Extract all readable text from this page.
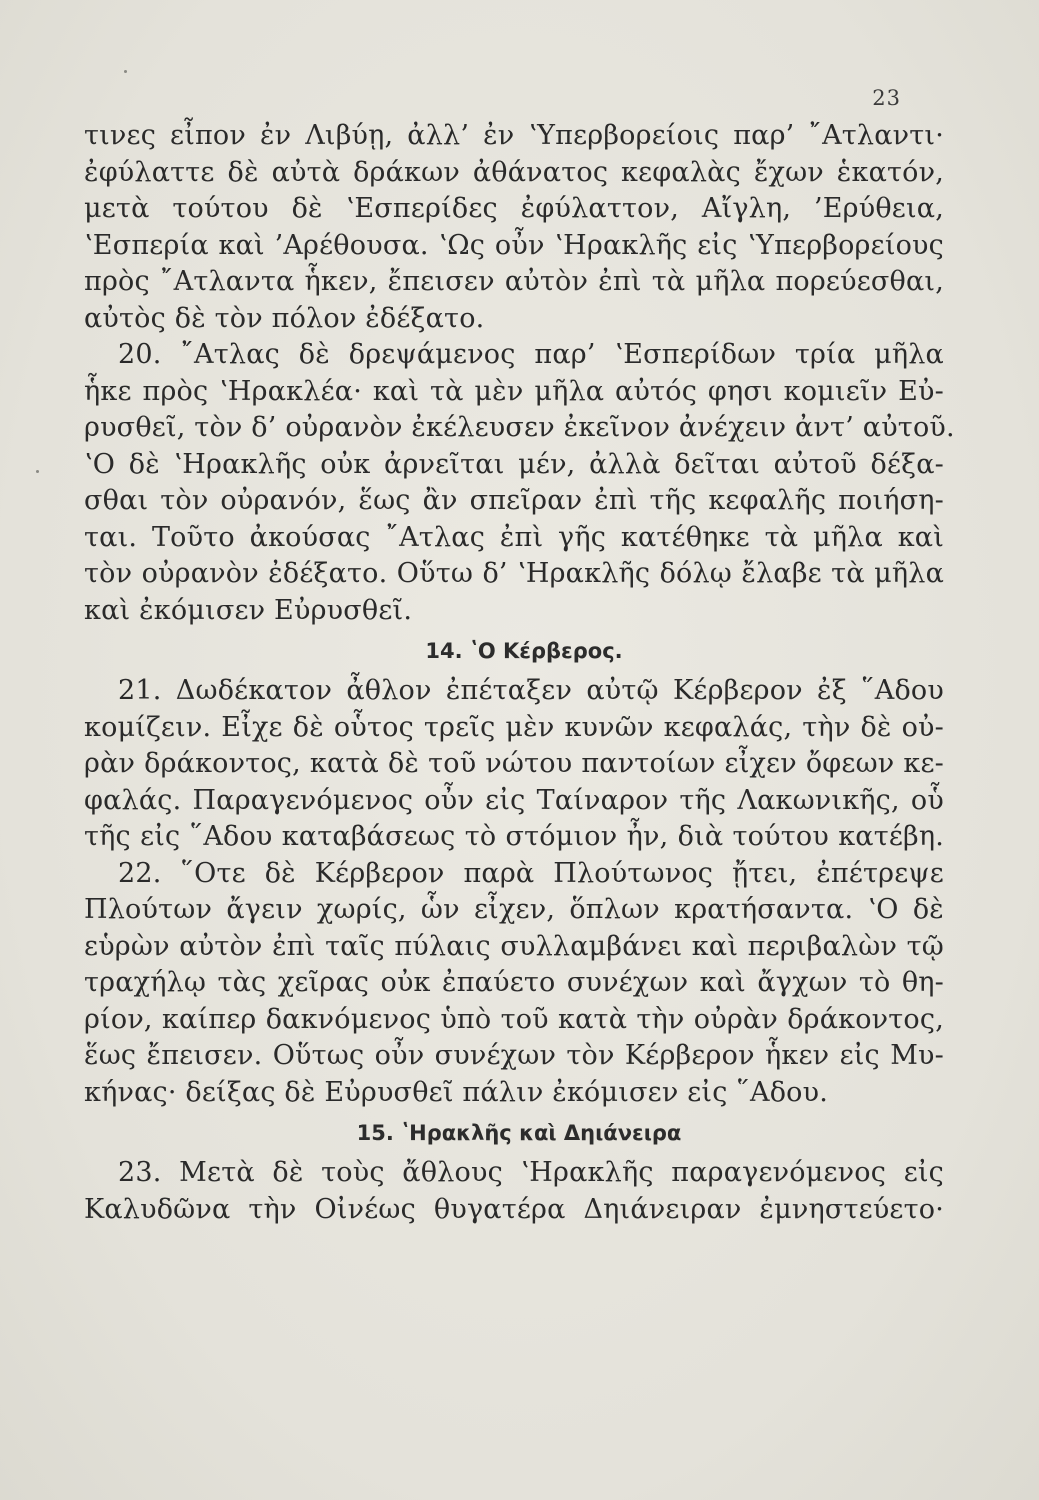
23
τινες εἶπον ἐν Λιβύῃ, ἀλλ’ ἐν ʽΥπερβορείοις παρ’ ῎Ατλαντι·
ἐφύλαττε δὲ αὐτὰ δράκων ἀθάνατος κεφαλὰς ἔχων ἑκατόν,
μετὰ τούτου δὲ ʽΕσπερίδες ἐφύλαττον, Αἴγλη, ’Ερύθεια,
ʽΕσπερία καὶ ’Αρέθουσα. ʽΩς οὖν ʽΗρακλῆς εἰς ʽΥπερβορείους
πρὸς ῎Ατλαντα ἧκεν, ἔπεισεν αὐτὸν ἐπὶ τὰ μῆλα πορεύεσθαι,
αὐτὸς δὲ τὸν πόλον ἐδέξατο.
20. ῎Ατλας δὲ δρεψάμενος παρ’ ʽΕσπερίδων τρία μῆλα
ἧκε πρὸς ʽΗρακλέα· καὶ τὰ μὲν μῆλα αὐτός φησι κομιεῖν Εὐ-
ρυσθεῖ, τὸν δ’ οὐρανὸν ἐκέλευσεν ἐκεῖνον ἀνέχειν ἀντ’ αὐτοῦ.
ʽΟ δὲ ʽΗρακλῆς οὐκ ἀρνεῖται μέν, ἀλλὰ δεῖται αὐτοῦ δέξα-
σθαι τὸν οὐρανόν, ἕως ἂν σπεῖραν ἐπὶ τῆς κεφαλῆς ποιήση-
ται. Τοῦτο ἀκούσας ῎Ατλας ἐπὶ γῆς κατέθηκε τὰ μῆλα καὶ
τὸν οὐρανὸν ἐδέξατο. Οὕτω δ’ ʽΗρακλῆς δόλῳ ἔλαβε τὰ μῆλα
καὶ ἐκόμισεν Εὐρυσθεῖ.
14. ʽΟ Κέρβερος.
21. Δωδέκατον ἆθλον ἐπέταξεν αὐτῷ Κέρβερον ἐξ ῞Αδου
κομίζειν. Εἶχε δὲ οὗτος τρεῖς μὲν κυνῶν κεφαλάς, τὴν δὲ οὐ-
ρὰν δράκοντος, κατὰ δὲ τοῦ νώτου παντοίων εἶχεν ὄφεων κε-
φαλάς. Παραγενόμενος οὖν εἰς Ταίναρον τῆς Λακωνικῆς, οὗ
τῆς εἰς ῞Αδου καταβάσεως τὸ στόμιον ἦν, διὰ τούτου κατέβη.
22. ῞Οτε δὲ Κέρβερον παρὰ Πλούτωνος ᾔτει, ἐπέτρεψε
Πλούτων ἄγειν χωρίς, ὧν εἶχεν, ὅπλων κρατήσαντα. ʽΟ δὲ
εὑρὼν αὐτὸν ἐπὶ ταῖς πύλαις συλλαμβάνει καὶ περιβαλὼν τῷ
τραχήλῳ τὰς χεῖρας οὐκ ἐπαύετο συνέχων καὶ ἄγχων τὸ θη-
ρίον, καίπερ δακνόμενος ὑπὸ τοῦ κατὰ τὴν οὐρὰν δράκοντος,
ἕως ἔπεισεν. Οὕτως οὖν συνέχων τὸν Κέρβερον ἧκεν εἰς Μυ-
κήνας· δείξας δὲ Εὐρυσθεῖ πάλιν ἐκόμισεν εἰς ῞Αδου.
15. ʽΗρακλῆς καὶ Δηιάνειρα
23. Μετὰ δὲ τοὺς ἄθλους ʽΗρακλῆς παραγενόμενος εἰς
Καλυδῶνα τὴν Οἰνέως θυγατέρα Δηιάνειραν ἐμνηστεύετο·
